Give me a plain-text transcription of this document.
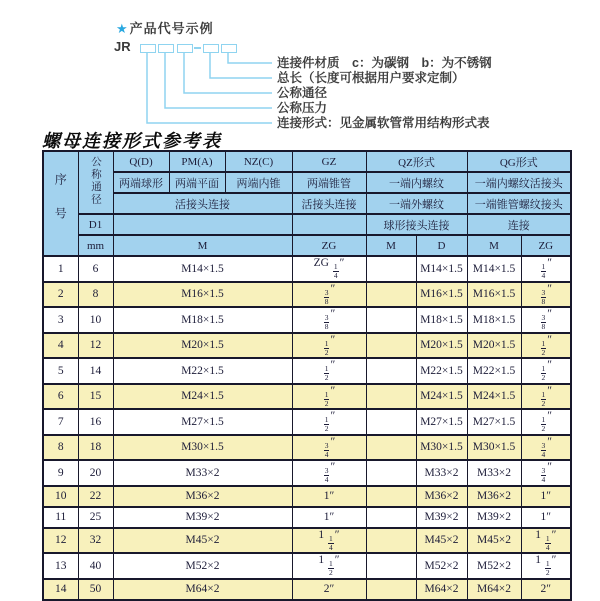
★产品代号示例
JR
连接件材质　c：为碳钢　b：为不锈钢
总长（长度可根据用户要求定制）
公称通径
公称压力
连接形式：见金属软管常用结构形式表
螺母连接形式参考表
序号	公称通径	Q(D)	PM(A)	NZ(C)	GZ	QZ形式		QG形式	
		两端球形	两端平面	两端内锥	两端锥管	一端内螺纹		一端内螺纹活接头	
		活接头连接			活接头连接	一端外螺纹		一端锥管螺纹接头	
	D1					球形接头连接		连接	
	mm	M			ZG	M	D	M	ZG
1	6	M14×1.5			ZG $\frac{1}{4}$ ″		M14×1.5	M14×1.5	$\frac{1}{4}$ ″
2	8	M16×1.5			$\frac{3}{8}$ ″		M16×1.5	M16×1.5	$\frac{3}{8}$ ″
3	10	M18×1.5			$\frac{3}{8}$ ″		M18×1.5	M18×1.5	$\frac{3}{8}$ ″
4	12	M20×1.5			$\frac{1}{2}$ ″		M20×1.5	M20×1.5	$\frac{1}{2}$ ″
5	14	M22×1.5			$\frac{1}{2}$ ″		M22×1.5	M22×1.5	$\frac{1}{2}$ ″
6	15	M24×1.5			$\frac{1}{2}$ ″		M24×1.5	M24×1.5	$\frac{1}{2}$ ″
7	16	M27×1.5			$\frac{1}{2}$ ″		M27×1.5	M27×1.5	$\frac{1}{2}$ ″
8	18	M30×1.5			$\frac{3}{4}$ ″		M30×1.5	M30×1.5	$\frac{3}{4}$ ″
9	20	M33×2			$\frac{3}{4}$ ″		M33×2	M33×2	$\frac{3}{4}$ ″
10	22	M36×2			1″		M36×2	M36×2	1″
11	25	M39×2			1″		M39×2	M39×2	1″
12	32	M45×2			$1 \frac{1}{4}$ ″		M45×2	M45×2	$1 \frac{1}{4}$ ″
13	40	M52×2			$1 \frac{1}{2}$ ″		M52×2	M52×2	$1 \frac{1}{2}$ ″
14	50	M64×2			2″		M64×2	M64×2	2″
